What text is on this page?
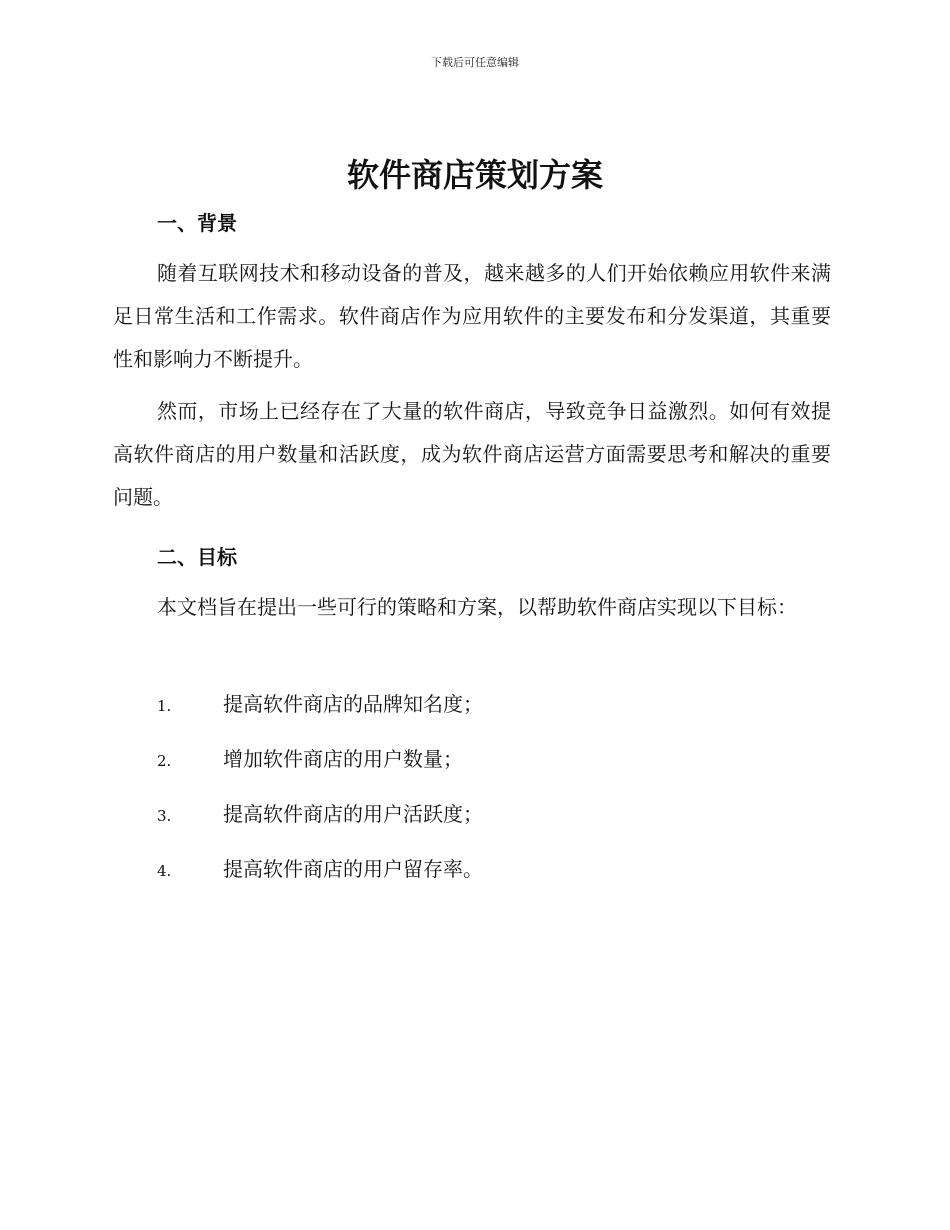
下载后可任意编辑
软件商店策划方案
一、背景
随着互联网技术和移动设备的普及，越来越多的人们开始依赖应用软件来满足日常生活和工作需求。软件商店作为应用软件的主要发布和分发渠道，其重要性和影响力不断提升。
然而，市场上已经存在了大量的软件商店，导致竞争日益激烈。如何有效提高软件商店的用户数量和活跃度，成为软件商店运营方面需要思考和解决的重要问题。
二、目标
本文档旨在提出一些可行的策略和方案，以帮助软件商店实现以下目标：
1.	提高软件商店的品牌知名度；
2.	增加软件商店的用户数量；
3.	提高软件商店的用户活跃度；
4.	提高软件商店的用户留存率。
